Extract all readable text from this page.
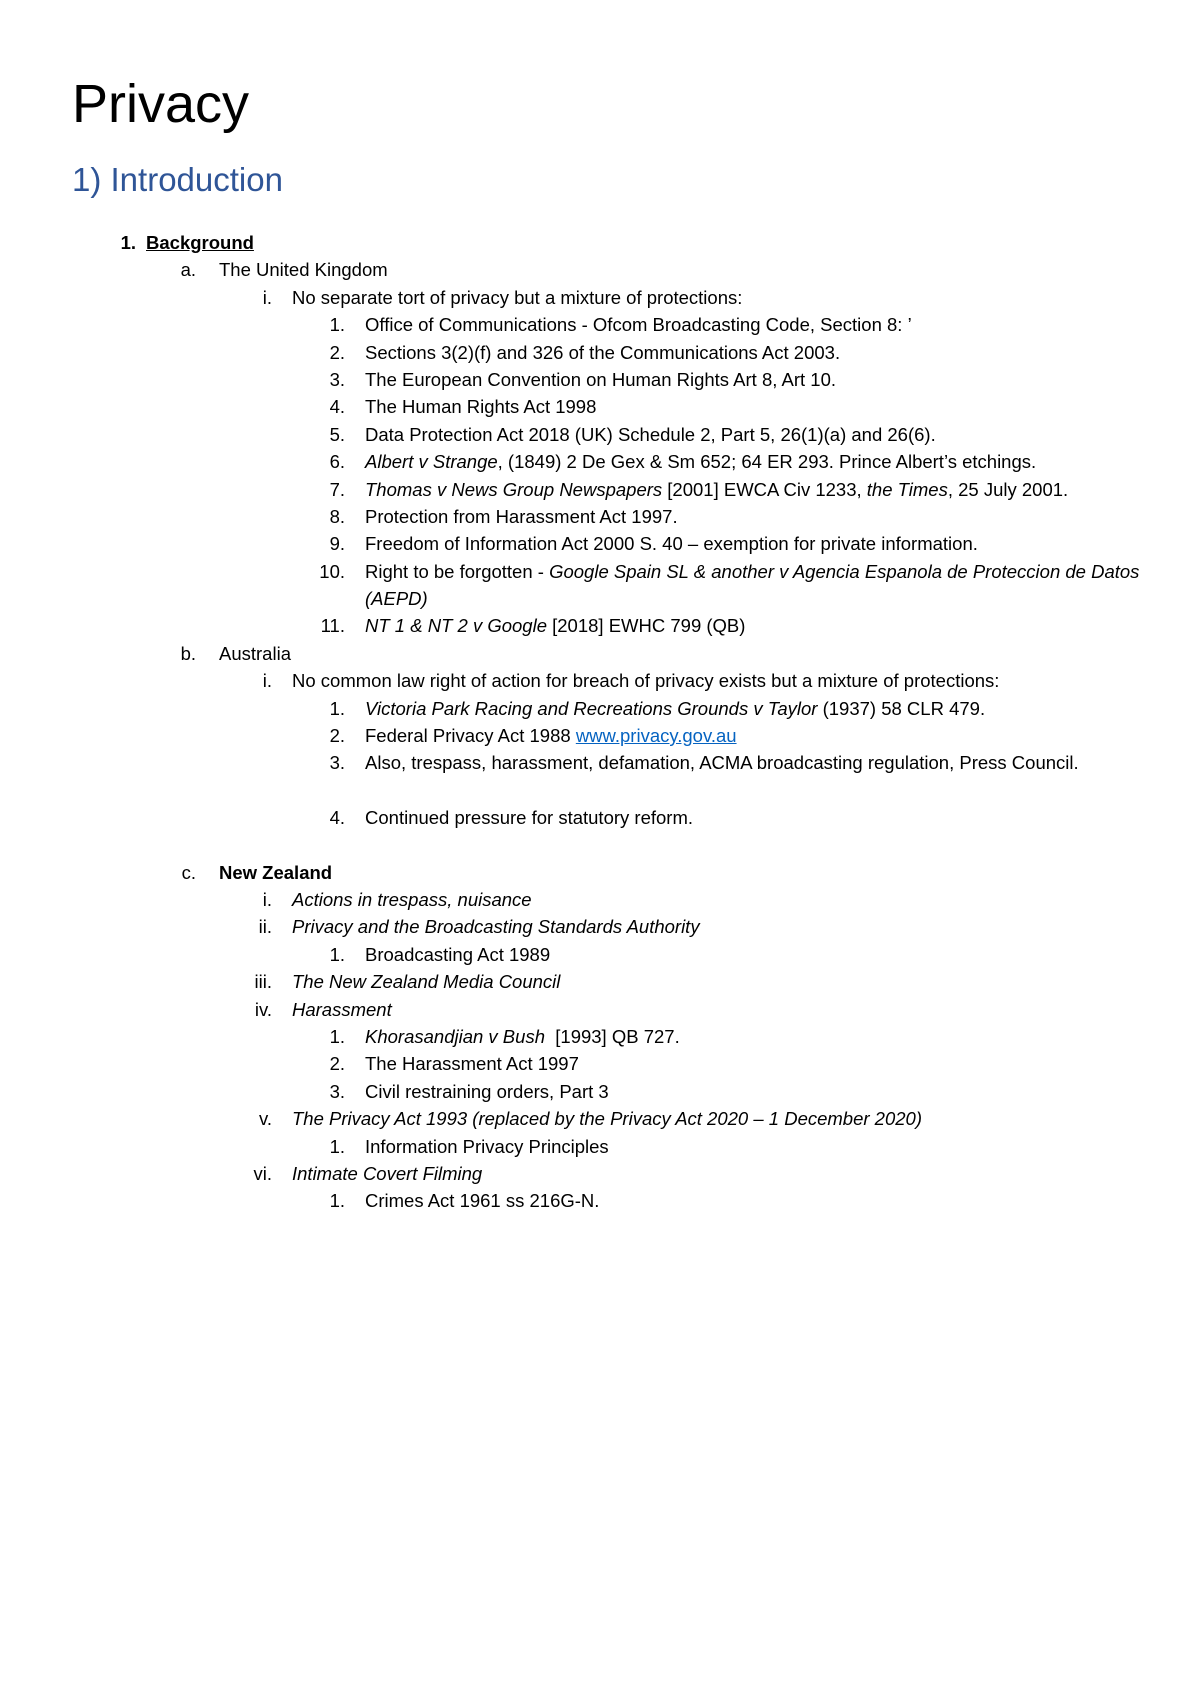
Privacy
1) Introduction
1. Background
a. The United Kingdom
i. No separate tort of privacy but a mixture of protections:
1. Office of Communications - Ofcom Broadcasting Code, Section 8: ’
2. Sections 3(2)(f) and 326 of the Communications Act 2003.
3. The European Convention on Human Rights Art 8, Art 10.
4. The Human Rights Act 1998
5. Data Protection Act 2018 (UK) Schedule 2, Part 5, 26(1)(a) and 26(6).
6. Albert v Strange, (1849) 2 De Gex & Sm 652; 64 ER 293. Prince Albert’s etchings.
7. Thomas v News Group Newspapers [2001] EWCA Civ 1233, the Times, 25 July 2001.
8. Protection from Harassment Act 1997.
9. Freedom of Information Act 2000 S. 40 – exemption for private information.
10. Right to be forgotten - Google Spain SL & another v Agencia Espanola de Proteccion de Datos (AEPD)
11. NT 1 & NT 2 v Google [2018] EWHC 799 (QB)
b. Australia
i. No common law right of action for breach of privacy exists but a mixture of protections:
1. Victoria Park Racing and Recreations Grounds v Taylor (1937) 58 CLR 479.
2. Federal Privacy Act 1988 www.privacy.gov.au
3. Also, trespass, harassment, defamation, ACMA broadcasting regulation, Press Council.
4. Continued pressure for statutory reform.
c. New Zealand
i. Actions in trespass, nuisance
ii. Privacy and the Broadcasting Standards Authority
1. Broadcasting Act 1989
iii. The New Zealand Media Council
iv. Harassment
1. Khorasandjian v Bush  [1993] QB 727.
2. The Harassment Act 1997
3. Civil restraining orders, Part 3
v. The Privacy Act 1993 (replaced by the Privacy Act 2020 – 1 December 2020)
1. Information Privacy Principles
vi. Intimate Covert Filming
1. Crimes Act 1961 ss 216G-N.
